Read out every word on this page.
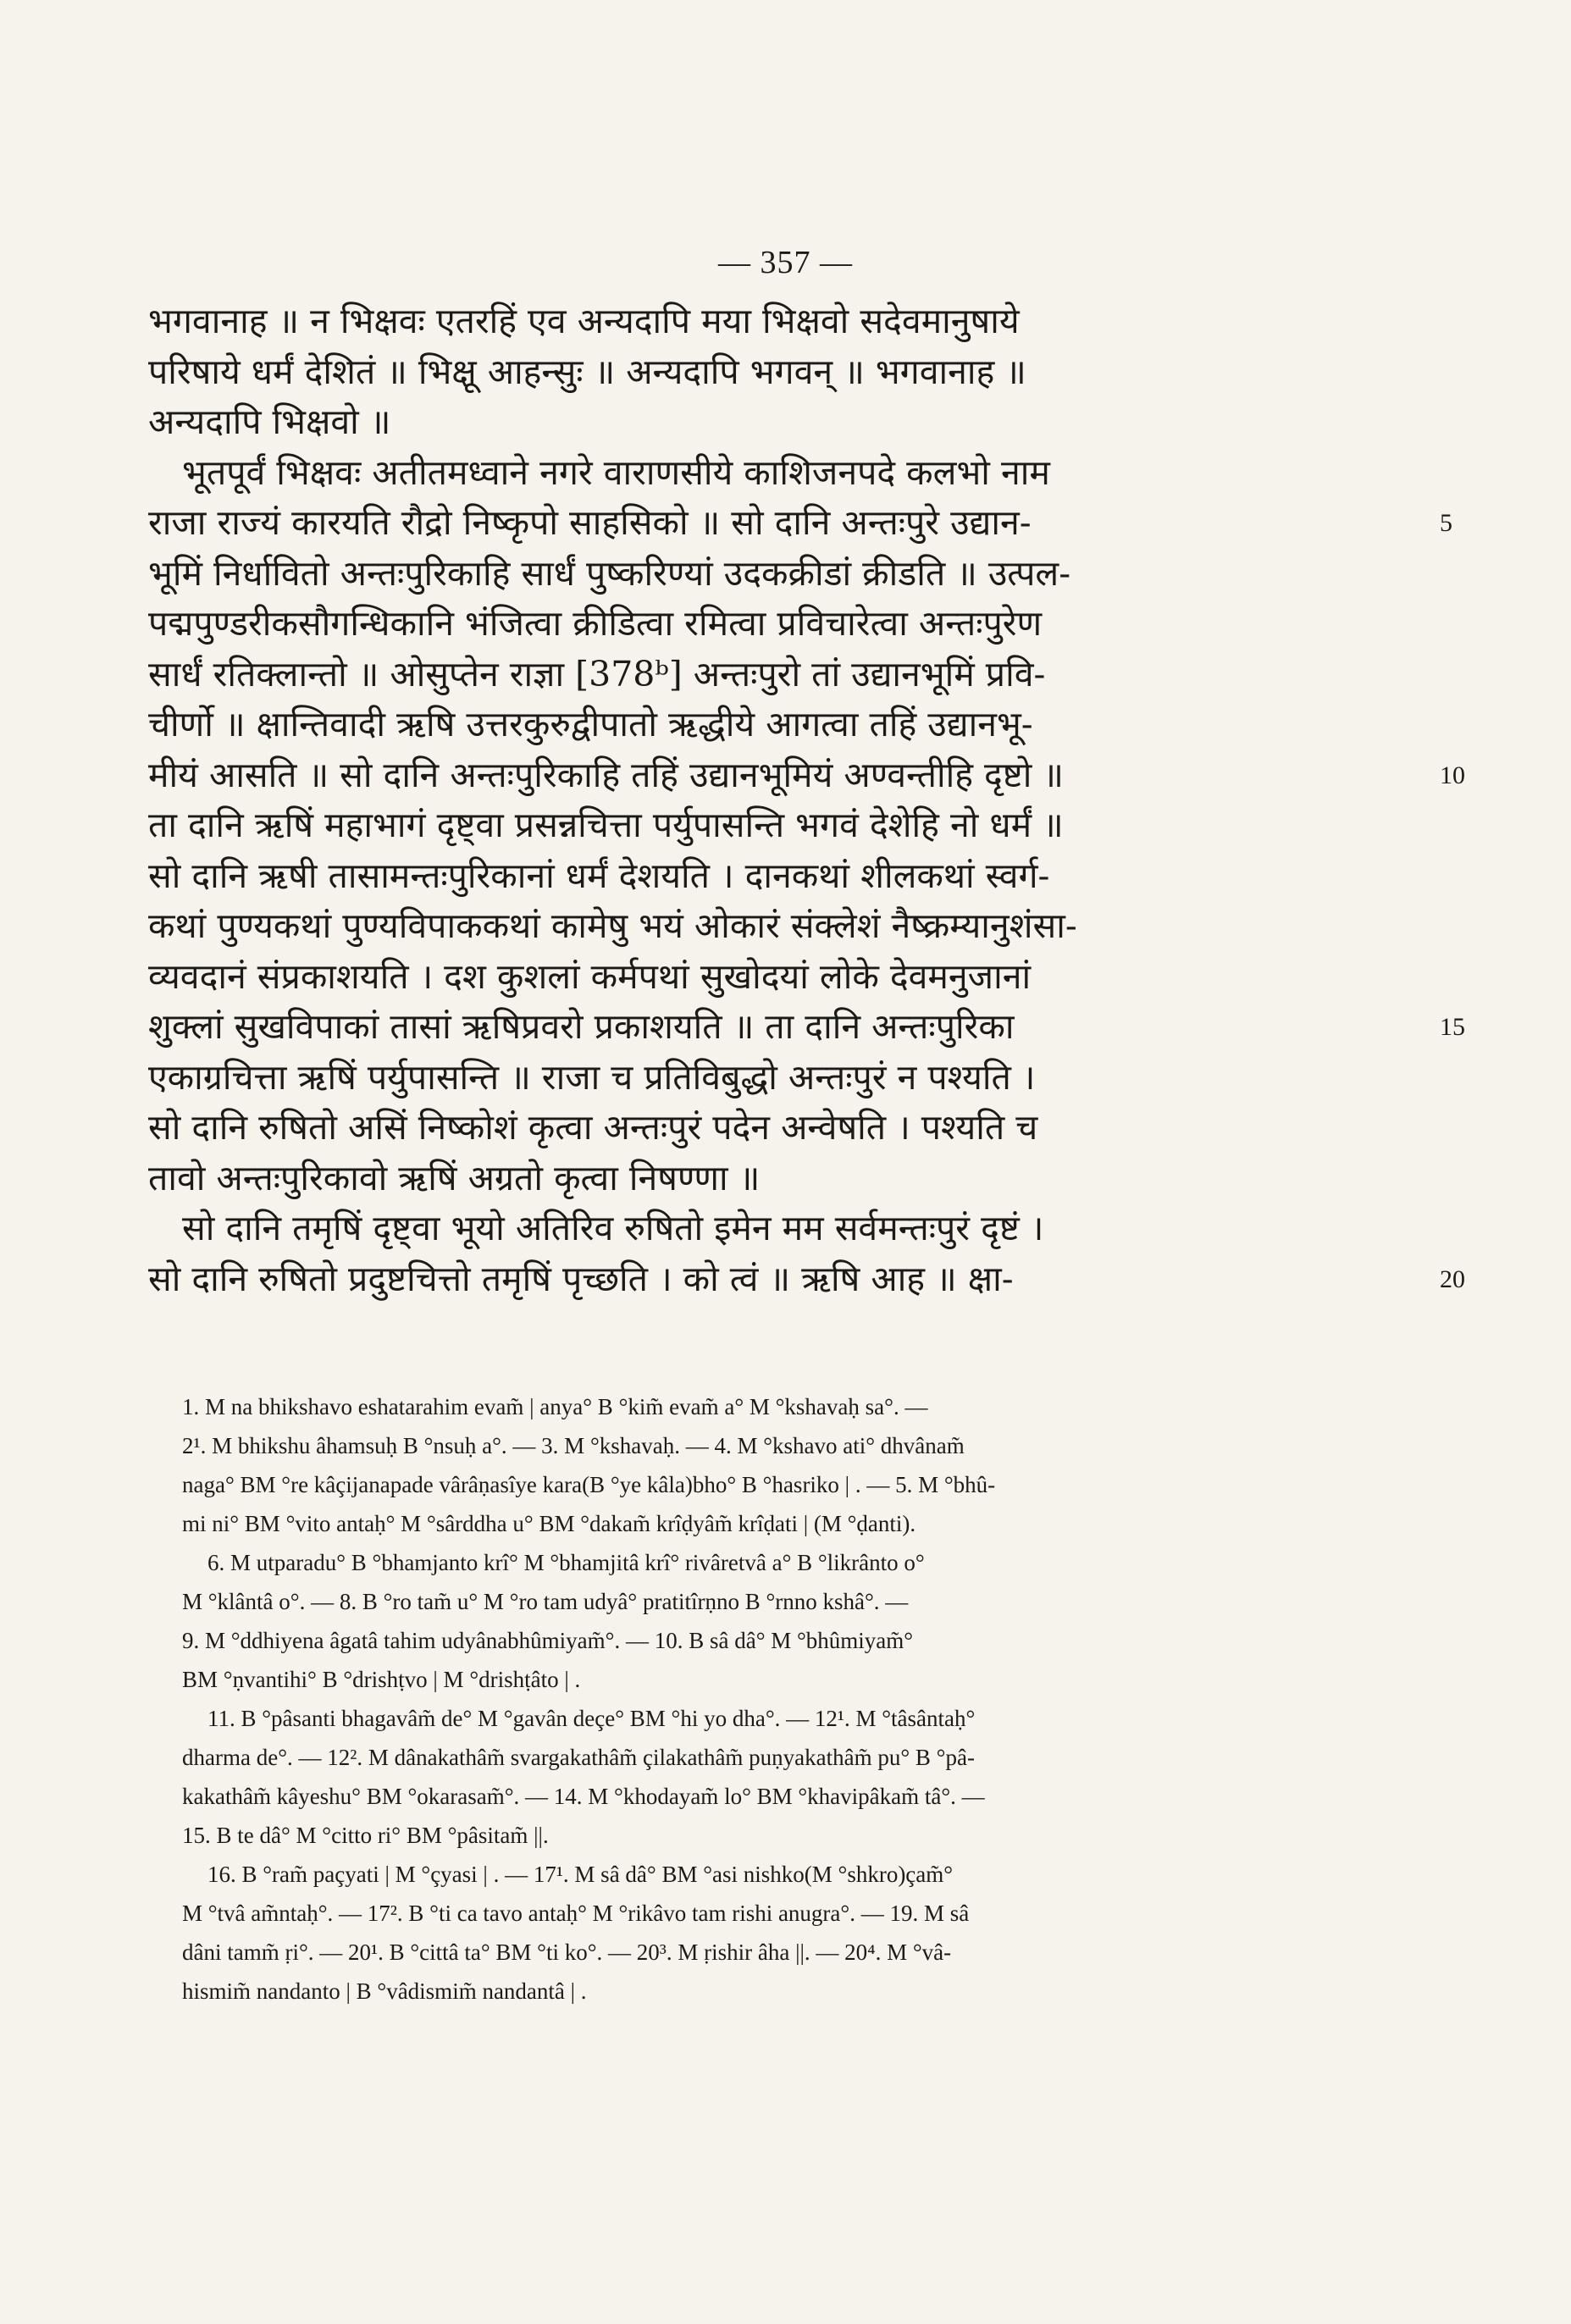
— 357 —
भगवानाह ॥ न भिक्षवः एतरहिं एव अन्यदापि मया भिक्षवो सदेवमानुषाये
परिषाये धर्मं देशितं ॥ भिक्षू आहन्सुः ॥ अन्यदापि भगवन् ॥ भगवानाह ॥
अन्यदापि भिक्षवो ॥
भूतपूर्वं भिक्षवः अतीतमध्वाने नगरे वाराणसीये काशिजनपदे कलभो नाम
राजा राज्यं कारयति रौद्रो निष्कृपो साहसिको ॥ सो दानि अन्तःपुरे उद्यान-	5
भूमिं निर्धावितो अन्तःपुरिकाहि सार्धं पुष्करिण्यां उदकक्रीडां क्रीडति ॥ उत्पल-
पद्मपुण्डरीकसौगन्धिकानि भंजित्वा क्रीडित्वा रमित्वा प्रविचारेत्वा अन्तःपुरेण
सार्धं रतिक्लान्तो ॥ ओसुप्तेन राज्ञा [378ᵇ] अन्तःपुरो तां उद्यानभूमिं प्रवि-
चीर्णो ॥ क्षान्तिवादी ऋषि उत्तरकुरुद्वीपातो ऋद्धीये आगत्वा तहिं उद्यानभू-
मीयं आसति ॥ सो दानि अन्तःपुरिकाहि तहिं उद्यानभूमियं अण्वन्तीहि दृष्टो ॥	10
ता दानि ऋषिं महाभागं दृष्ट्वा प्रसन्नचित्ता पर्युपासन्ति भगवं देशेहि नो धर्मं ॥
सो दानि ऋषी तासामन्तःपुरिकानां धर्मं देशयति । दानकथां शीलकथां स्वर्ग-
कथां पुण्यकथां पुण्यविपाककथां कामेषु भयं ओकारं संक्लेशं नैष्क्रम्यानुशंसा-
व्यवदानं संप्रकाशयति । दश कुशलां कर्मपथां सुखोदयां लोके देवमनुजानां
शुक्लां सुखविपाकां तासां ऋषिप्रवरो प्रकाशयति ॥ ता दानि अन्तःपुरिका	15
एकाग्रचित्ता ऋषिं पर्युपासन्ति ॥ राजा च प्रतिविबुद्धो अन्तःपुरं न पश्यति ।
सो दानि रुषितो असिं निष्कोशं कृत्वा अन्तःपुरं पदेन अन्वेषति । पश्यति च
तावो अन्तःपुरिकावो ऋषिं अग्रतो कृत्वा निषण्णा ॥
सो दानि तमृषिं दृष्ट्वा भूयो अतिरिव रुषितो इमेन मम सर्वमन्तःपुरं दृष्टं ।
सो दानि रुषितो प्रदुष्टचित्तो तमृषिं पृच्छति । को त्वं ॥ ऋषि आह ॥ क्षा-	20
1. M na bhikshavo eshatarahim evam̃ | anya° B °kim̃ evam̃ a° M °kshavaḥ sa°. —
2¹. M bhikshu âhamsuḥ B °nsuḥ a°. — 3. M °kshavaḥ. — 4. M °kshavo ati° dhvânam̃
naga° BM °re kâçijanapade vârâṇasîye kara(B °ye kâla)bho° B °hasriko | . — 5. M °bhû-
mi ni° BM °vito antaḥ° M °sârddha u° BM °dakam̃ krîḍyâm̃ krîḍati | (M °ḍanti).
6. M utparadu° B °bhamjanto krî° M °bhamjitâ krî° rivâretvâ a° B °likrânto o°
M °klântâ o°. — 8. B °ro tam̃ u° M °ro tam udyâ° pratitîrṇno B °rnno kshâ°. —
9. M °ddhiyena âgatâ tahim udyânabhûmiyam̃°. — 10. B sâ dâ° M °bhûmiyam̃°
BM °ṇvantihi° B °drishṭvo | M °drishṭâto | .
11. B °pâsanti bhagavâm̃ de° M °gavân deçe° BM °hi yo dha°. — 12¹. M °tâsântaḥ°
dharma de°. — 12². M dânakathâm̃ svargakathâm̃ çilakathâm̃ puṇyakathâm̃ pu° B °pâ-
kakathâm̃ kâyeshu° BM °okarasam̃°. — 14. M °khodayam̃ lo° BM °khavipâkam̃ tâ°. —
15. B te dâ° M °citto ri° BM °pâsitam̃ ||.
16. B °ram̃ paçyati | M °çyasi | . — 17¹. M sâ dâ° BM °asi nishko(M °shkro)çam̃°
M °tvâ am̃ntaḥ°. — 17². B °ti ca tavo antaḥ° M °rikâvo tam rishi anugra°. — 19. M sâ
dâni tamm̃ ṛi°. — 20¹. B °cittâ ta° BM °ti ko°. — 20³. M ṛishir âha ||. — 20⁴. M °vâ-
hismim̃ nandanto | B °vâdismim̃ nandantâ | .
